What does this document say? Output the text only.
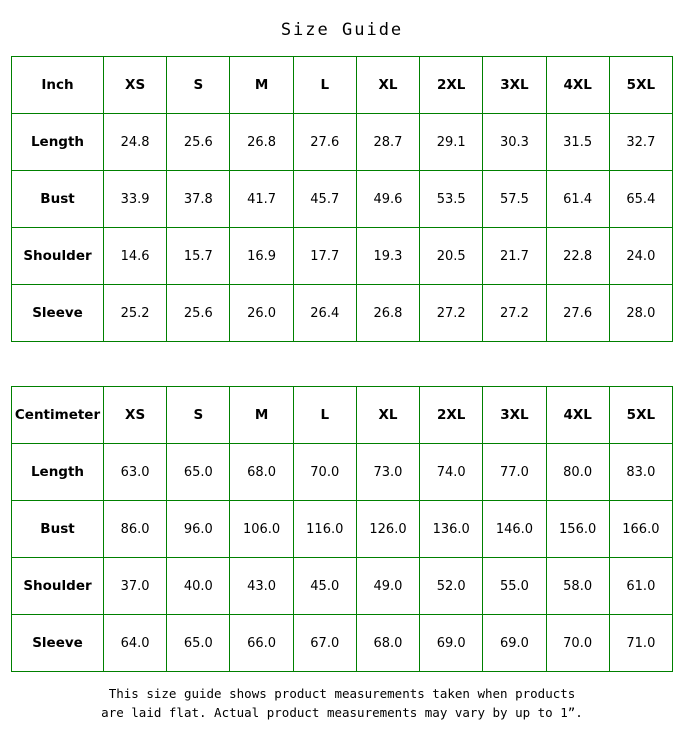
Size Guide
Inch	XS	S	M	L	XL	2XL	3XL	4XL	5XL
Length	24.8	25.6	26.8	27.6	28.7	29.1	30.3	31.5	32.7
Bust	33.9	37.8	41.7	45.7	49.6	53.5	57.5	61.4	65.4
Shoulder	14.6	15.7	16.9	17.7	19.3	20.5	21.7	22.8	24.0
Sleeve	25.2	25.6	26.0	26.4	26.8	27.2	27.2	27.6	28.0
Centimeter	XS	S	M	L	XL	2XL	3XL	4XL	5XL
Length	63.0	65.0	68.0	70.0	73.0	74.0	77.0	80.0	83.0
Bust	86.0	96.0	106.0	116.0	126.0	136.0	146.0	156.0	166.0
Shoulder	37.0	40.0	43.0	45.0	49.0	52.0	55.0	58.0	61.0
Sleeve	64.0	65.0	66.0	67.0	68.0	69.0	69.0	70.0	71.0
This size guide shows product measurements taken when products
are laid flat. Actual product measurements may vary by up to 1”.
